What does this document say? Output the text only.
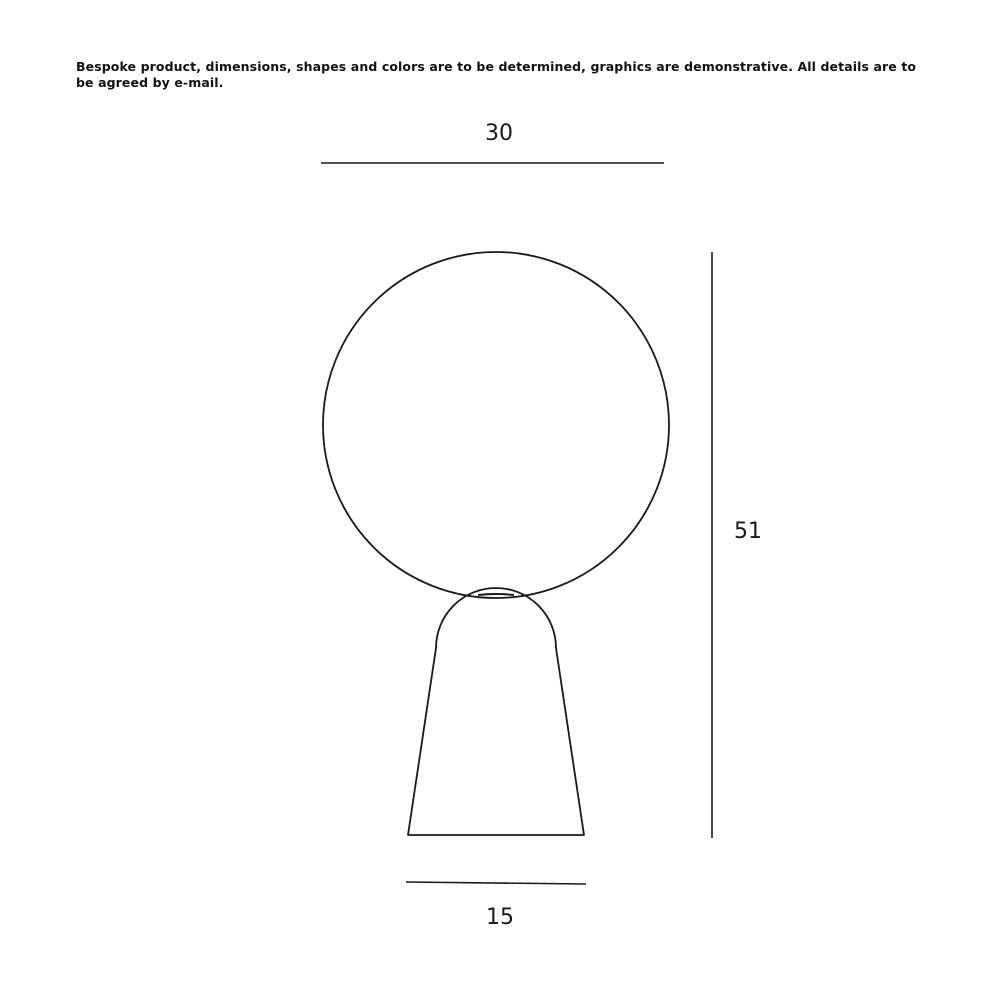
Bespoke product, dimensions, shapes and colors are to be determined, graphics are demonstrative. All details are to be agreed by e-mail.
30
51
15
